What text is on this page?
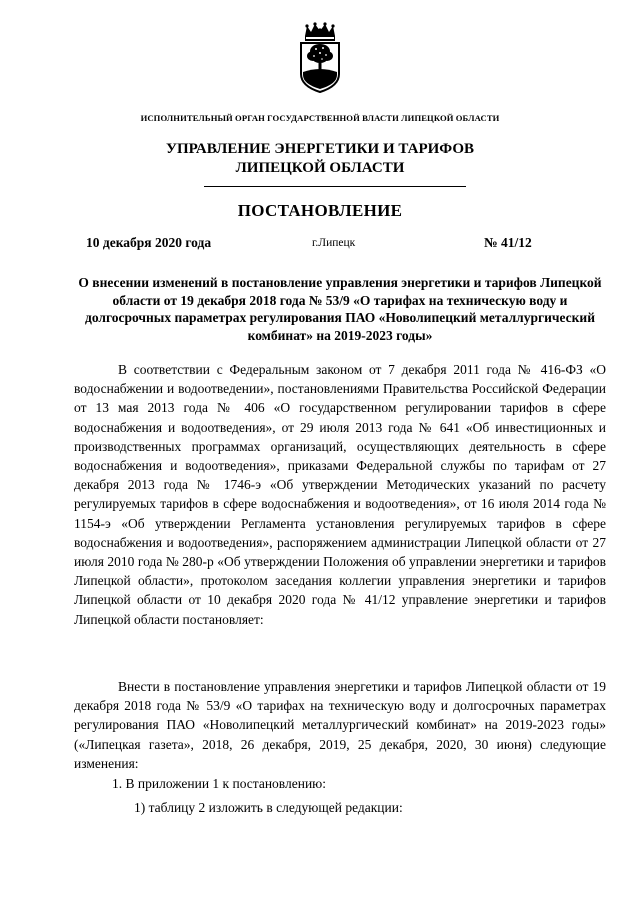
ИСПОЛНИТЕЛЬНЫЙ ОРГАН ГОСУДАРСТВЕННОЙ ВЛАСТИ ЛИПЕЦКОЙ ОБЛАСТИ
УПРАВЛЕНИЕ ЭНЕРГЕТИКИ И ТАРИФОВ
ЛИПЕЦКОЙ ОБЛАСТИ
ПОСТАНОВЛЕНИЕ
10 декабря 2020 года	г.Липецк	№ 41/12
О внесении изменений в постановление управления энергетики и тарифов Липецкой области от 19 декабря 2018 года № 53/9 «О тарифах на техническую воду и долгосрочных параметрах регулирования ПАО «Новолипецкий металлургический комбинат» на 2019-2023 годы»
В соответствии с Федеральным законом от 7 декабря 2011 года № 416-ФЗ «О водоснабжении и водоотведении», постановлениями Правительства Российской Федерации от 13 мая 2013 года № 406 «О государственном регулировании тарифов в сфере водоснабжения и водоотведения», от 29 июля 2013 года № 641 «Об инвестиционных и производственных программах организаций, осуществляющих деятельность в сфере водоснабжения и водоотведения», приказами Федеральной службы по тарифам от 27 декабря 2013 года № 1746-э «Об утверждении Методических указаний по расчету регулируемых тарифов в сфере водоснабжения и водоотведения», от 16 июля 2014 года № 1154-э «Об утверждении Регламента установления регулируемых тарифов в сфере водоснабжения и водоотведения», распоряжением администрации Липецкой области от 27 июля 2010 года № 280-р «Об утверждении Положения об управлении энергетики и тарифов Липецкой области», протоколом заседания коллегии управления энергетики и тарифов Липецкой области от 10 декабря 2020 года № 41/12 управление энергетики и тарифов Липецкой области постановляет:
Внести в постановление управления энергетики и тарифов Липецкой области от 19 декабря 2018 года № 53/9 «О тарифах на техническую воду и долгосрочных параметрах регулирования ПАО «Новолипецкий металлургический комбинат» на 2019-2023 годы» («Липецкая газета», 2018, 26 декабря, 2019, 25 декабря, 2020, 30 июня) следующие изменения:
1. В приложении 1 к постановлению:
1) таблицу 2 изложить в следующей редакции:
